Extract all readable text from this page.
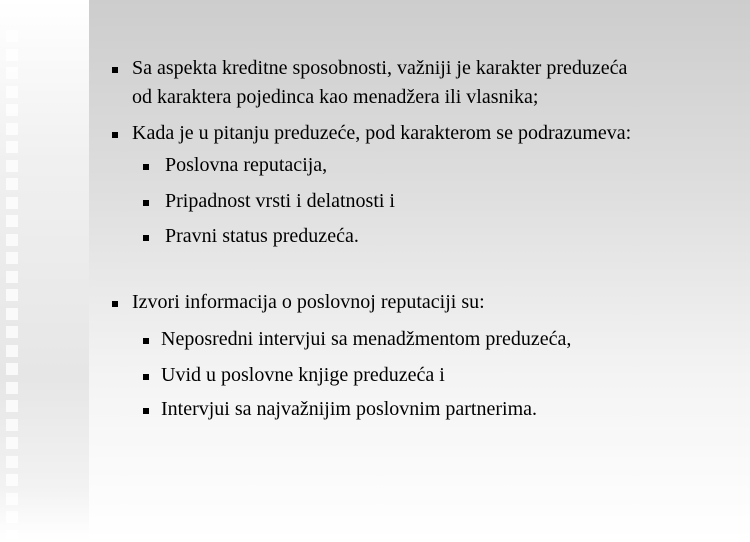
Sa aspekta kreditne sposobnosti, važniji je karakter preduzeća
od karaktera pojedinca kao menadžera ili vlasnika;
Kada je u pitanju preduzeće, pod karakterom se podrazumeva:
Poslovna reputacija,
Pripadnost vrsti i delatnosti i
Pravni status preduzeća.
Izvori informacija o poslovnoj reputaciji su:
Neposredni intervjui sa menadžmentom preduzeća,
Uvid u poslovne knjige preduzeća i
Intervjui sa najvažnijim poslovnim partnerima.
